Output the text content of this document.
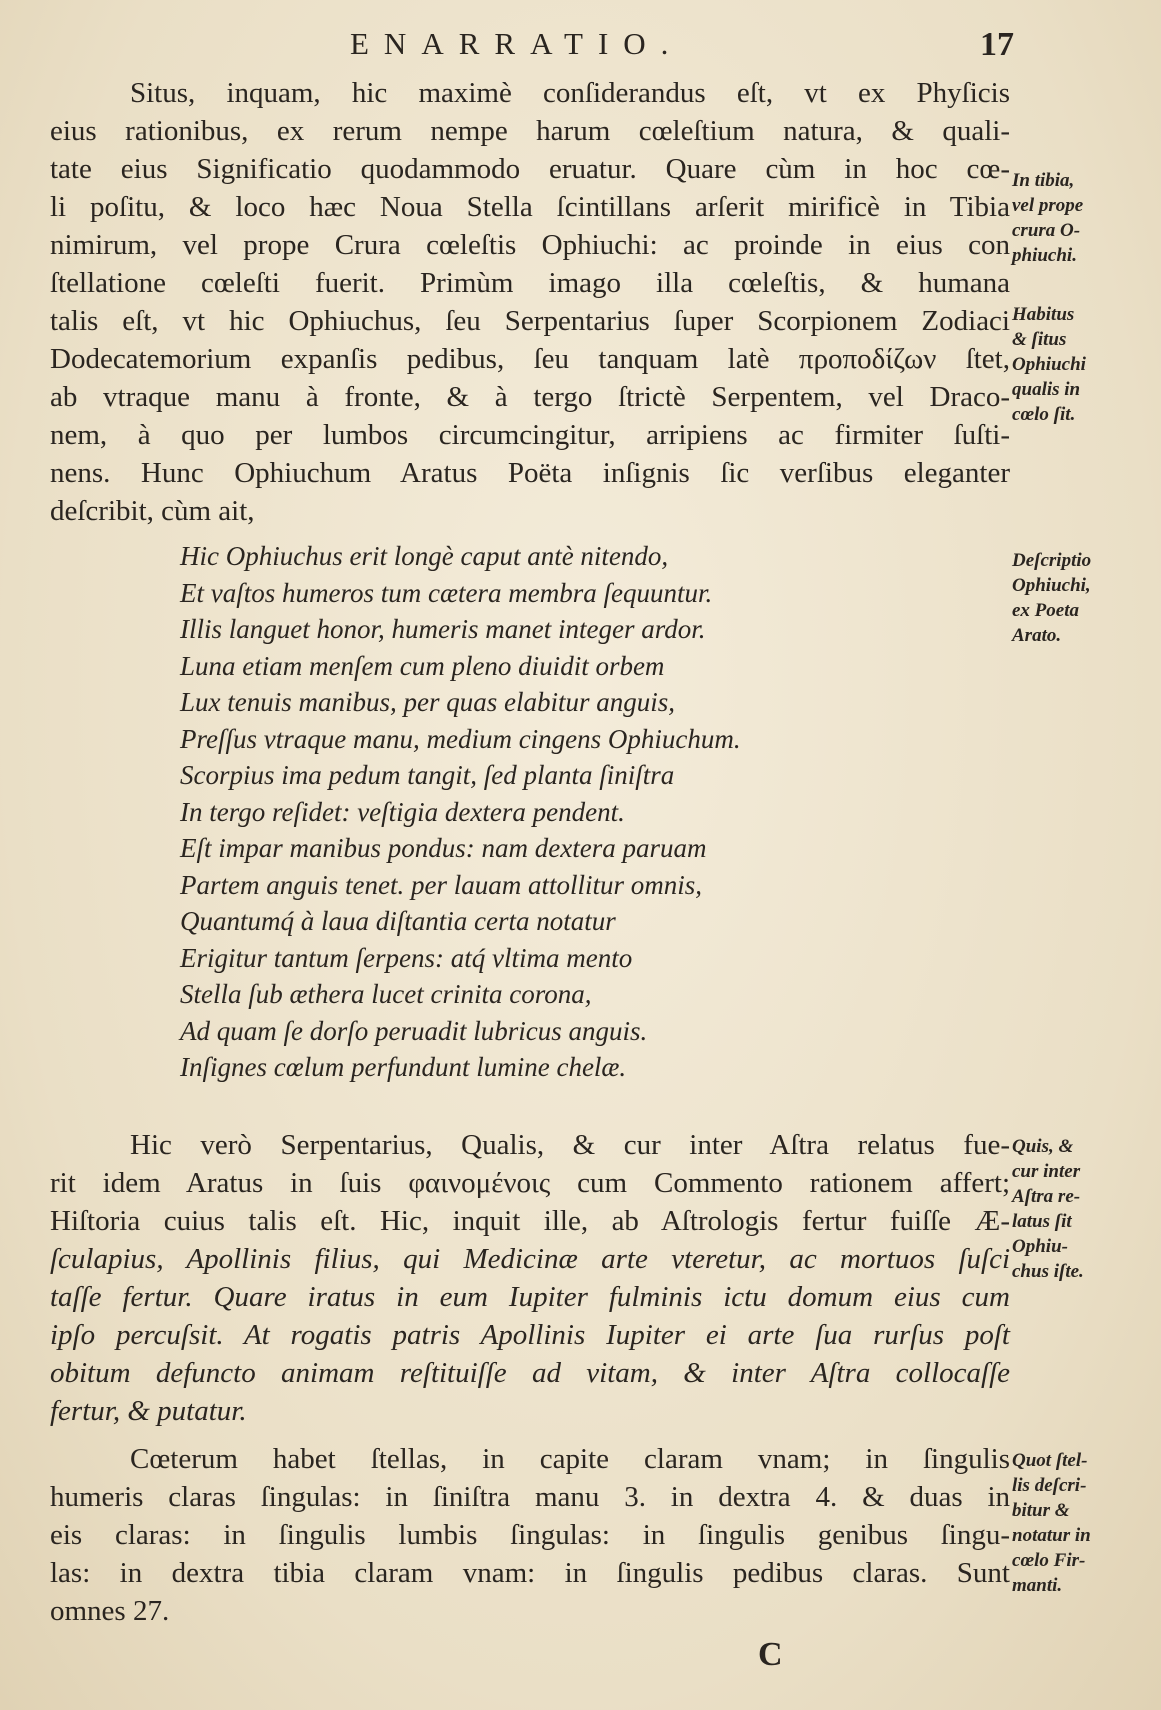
ENARRATIO.	17
Situs, inquam, hic maximè conſiderandus eſt, vt ex Phyſicis
eius rationibus, ex rerum nempe harum cœleſtium natura, & quali-
tate eius Significatio quodammodo eruatur. Quare cùm in hoc cœ-
li poſitu, & loco hæc Noua Stella ſcintillans arſerit mirificè in Tibia
nimirum, vel prope Crura cœleſtis Ophiuchi: ac proinde in eius con
ſtellatione cœleſti fuerit. Primùm imago illa cœleſtis, & humana
talis eſt, vt hic Ophiuchus, ſeu Serpentarius ſuper Scorpionem Zodiaci
Dodecatemorium expanſis pedibus, ſeu tanquam latè προποδίζων ſtet,
ab vtraque manu à fronte, & à tergo ſtrictè Serpentem, vel Draco-
nem, à quo per lumbos circumcingitur, arripiens ac firmiter ſuſti-
nens. Hunc Ophiuchum Aratus Poëta inſignis ſic verſibus eleganter
deſcribit, cùm ait,
Hic Ophiuchus erit longè caput antè nitendo,
Et vaſtos humeros tum cætera membra ſequuntur.
Illis languet honor, humeris manet integer ardor.
Luna etiam menſem cum pleno diuidit orbem
Lux tenuis manibus, per quas elabitur anguis,
Preſſus vtraque manu, medium cingens Ophiuchum.
Scorpius ima pedum tangit, ſed planta ſiniſtra
In tergo reſidet: veſtigia dextera pendent.
Eſt impar manibus pondus: nam dextera paruam
Partem anguis tenet. per lauam attollitur omnis,
Quantumq́ à laua diſtantia certa notatur
Erigitur tantum ſerpens: atq́ vltima mento
Stella ſub æthera lucet crinita corona,
Ad quam ſe dorſo peruadit lubricus anguis.
Inſignes cœlum perfundunt lumine chelæ.
Hic verò Serpentarius, Qualis, & cur inter Aſtra relatus fue-
rit idem Aratus in ſuis φαινομένοις cum Commento rationem affert;
Hiſtoria cuius talis eſt. Hic, inquit ille, ab Aſtrologis fertur fuiſſe Æ-
ſculapius, Apollinis filius, qui Medicinæ arte vteretur, ac mortuos ſuſci
taſſe fertur. Quare iratus in eum Iupiter fulminis ictu domum eius cum
ipſo percuſsit. At rogatis patris Apollinis Iupiter ei arte ſua rurſus poſt
obitum defuncto animam reſtituiſſe ad vitam, & inter Aſtra collocaſſe
fertur, & putatur.
Cœterum habet ſtellas, in capite claram vnam; in ſingulis
humeris claras ſingulas: in ſiniſtra manu 3. in dextra 4. & duas in
eis claras: in ſingulis lumbis ſingulas: in ſingulis genibus ſingu-
las: in dextra tibia claram vnam: in ſingulis pedibus claras. Sunt
omnes 27.
In tibia,
vel prope
crura O-
phiuchi.
Habitus
& ſitus
Ophiuchi
qualis in
cœlo ſit.
Deſcriptio
Ophiuchi,
ex Poeta
Arato.
Quis, &
cur inter
Aſtra re-
latus ſit
Ophiu-
chus iſte.
Quot ſtel-
lis deſcri-
bitur &
notatur in
cœlo Fir-
manti.
C
